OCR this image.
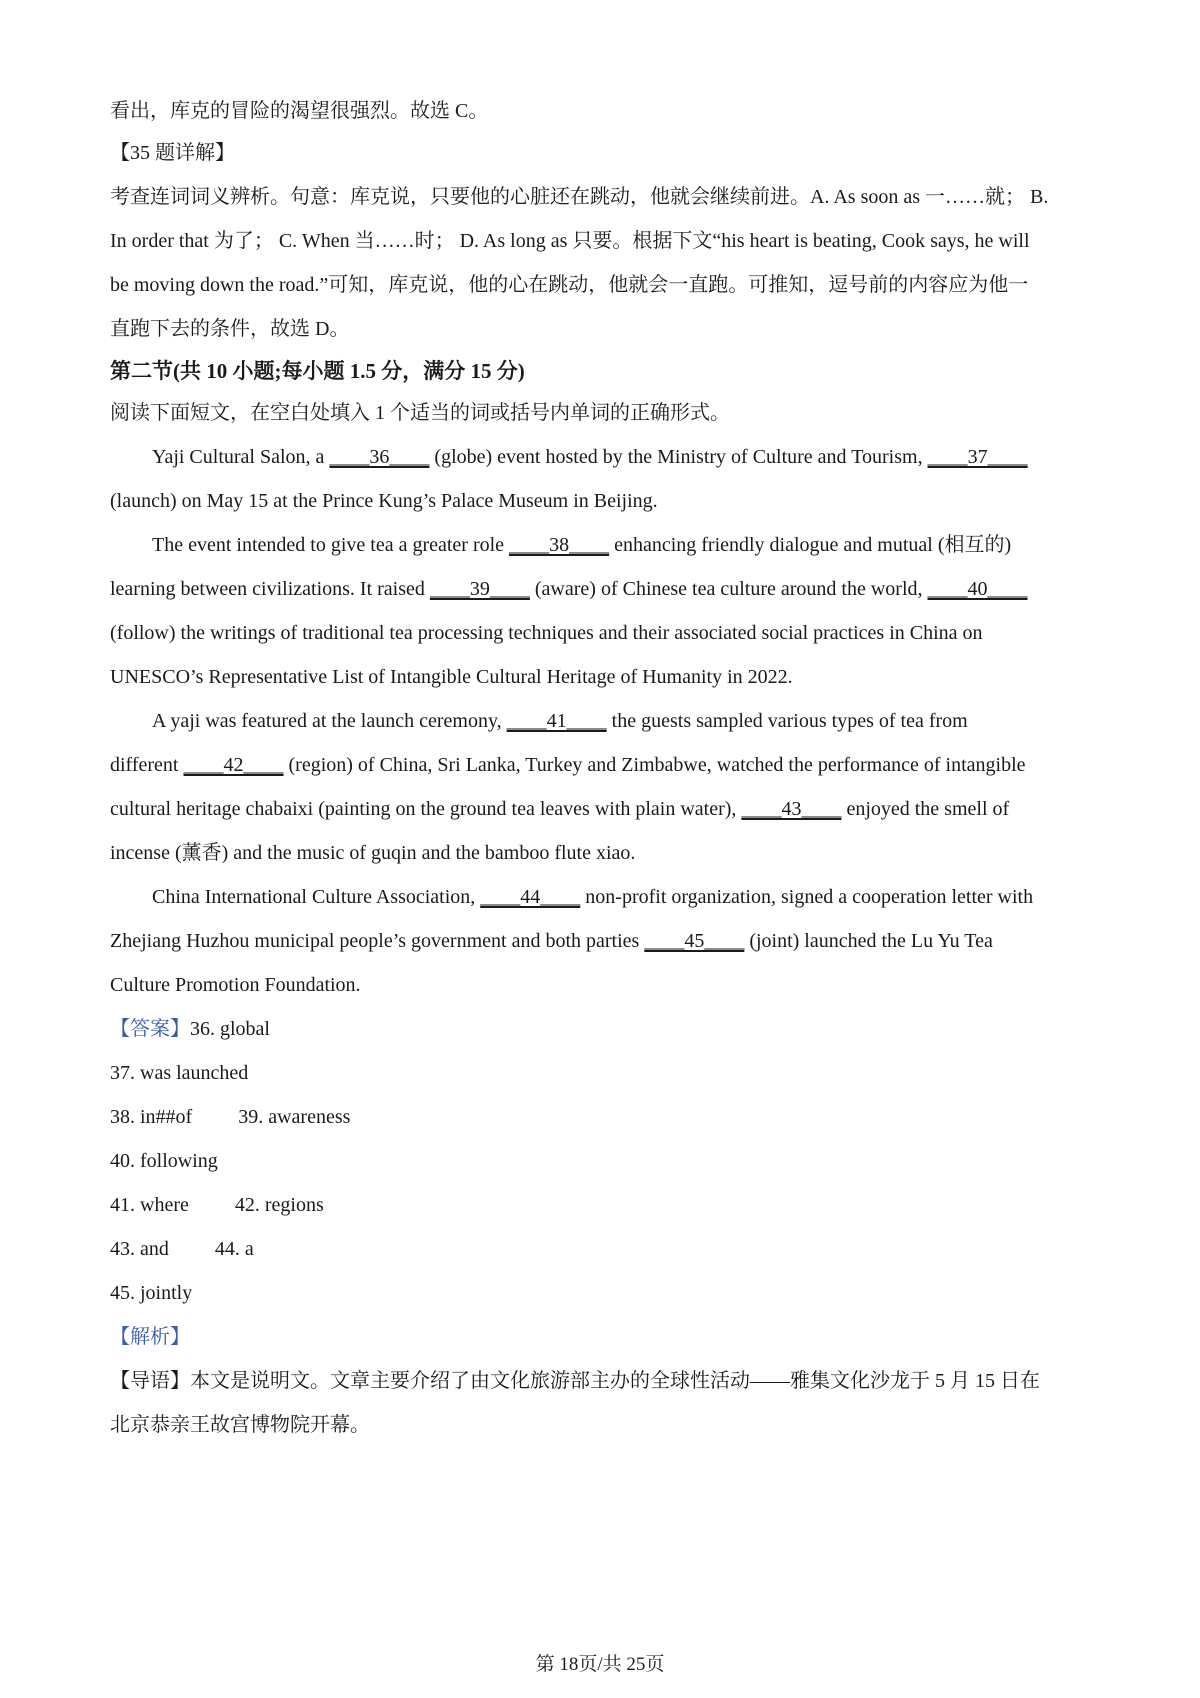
看出，库克的冒险的渴望很强烈。故选 C。
【35 题详解】
考查连词词义辨析。句意：库克说，只要他的心脏还在跳动，他就会继续前进。A. As soon as 一……就； B.
In order that 为了； C. When 当……时； D. As long as 只要。根据下文“his heart is beating, Cook says, he will
be moving down the road.”可知，库克说，他的心在跳动，他就会一直跑。可推知，逗号前的内容应为他一
直跑下去的条件，故选 D。
第二节(共 10 小题;每小题 1.5 分，满分 15 分)
阅读下面短文，在空白处填入 1 个适当的词或括号内单词的正确形式。
Yaji Cultural Salon, a ____36____ (globe) event hosted by the Ministry of Culture and Tourism, ____37____
(launch) on May 15 at the Prince Kung’s Palace Museum in Beijing.
The event intended to give tea a greater role ____38____ enhancing friendly dialogue and mutual (相互的)
learning between civilizations. It raised ____39____ (aware) of Chinese tea culture around the world, ____40____
(follow) the writings of traditional tea processing techniques and their associated social practices in China on
UNESCO’s Representative List of Intangible Cultural Heritage of Humanity in 2022.
A yaji was featured at the launch ceremony, ____41____ the guests sampled various types of tea from
different ____42____ (region) of China, Sri Lanka, Turkey and Zimbabwe, watched the performance of intangible
cultural heritage chabaixi (painting on the ground tea leaves with plain water), ____43____ enjoyed the smell of
incense (薰香) and the music of guqin and the bamboo flute xiao.
China International Culture Association, ____44____ non-profit organization, signed a cooperation letter with
Zhejiang Huzhou municipal people’s government and both parties ____45____ (joint) launched the Lu Yu Tea
Culture Promotion Foundation.
【答案】36. global
37. was launched
38. in##of 39. awareness
40. following
41. where 42. regions
43. and 44. a
45. jointly
【解析】
【导语】本文是说明文。文章主要介绍了由文化旅游部主办的全球性活动——雅集文化沙龙于 5 月 15 日在
北京恭亲王故宫博物院开幕。
第 18页/共 25页
